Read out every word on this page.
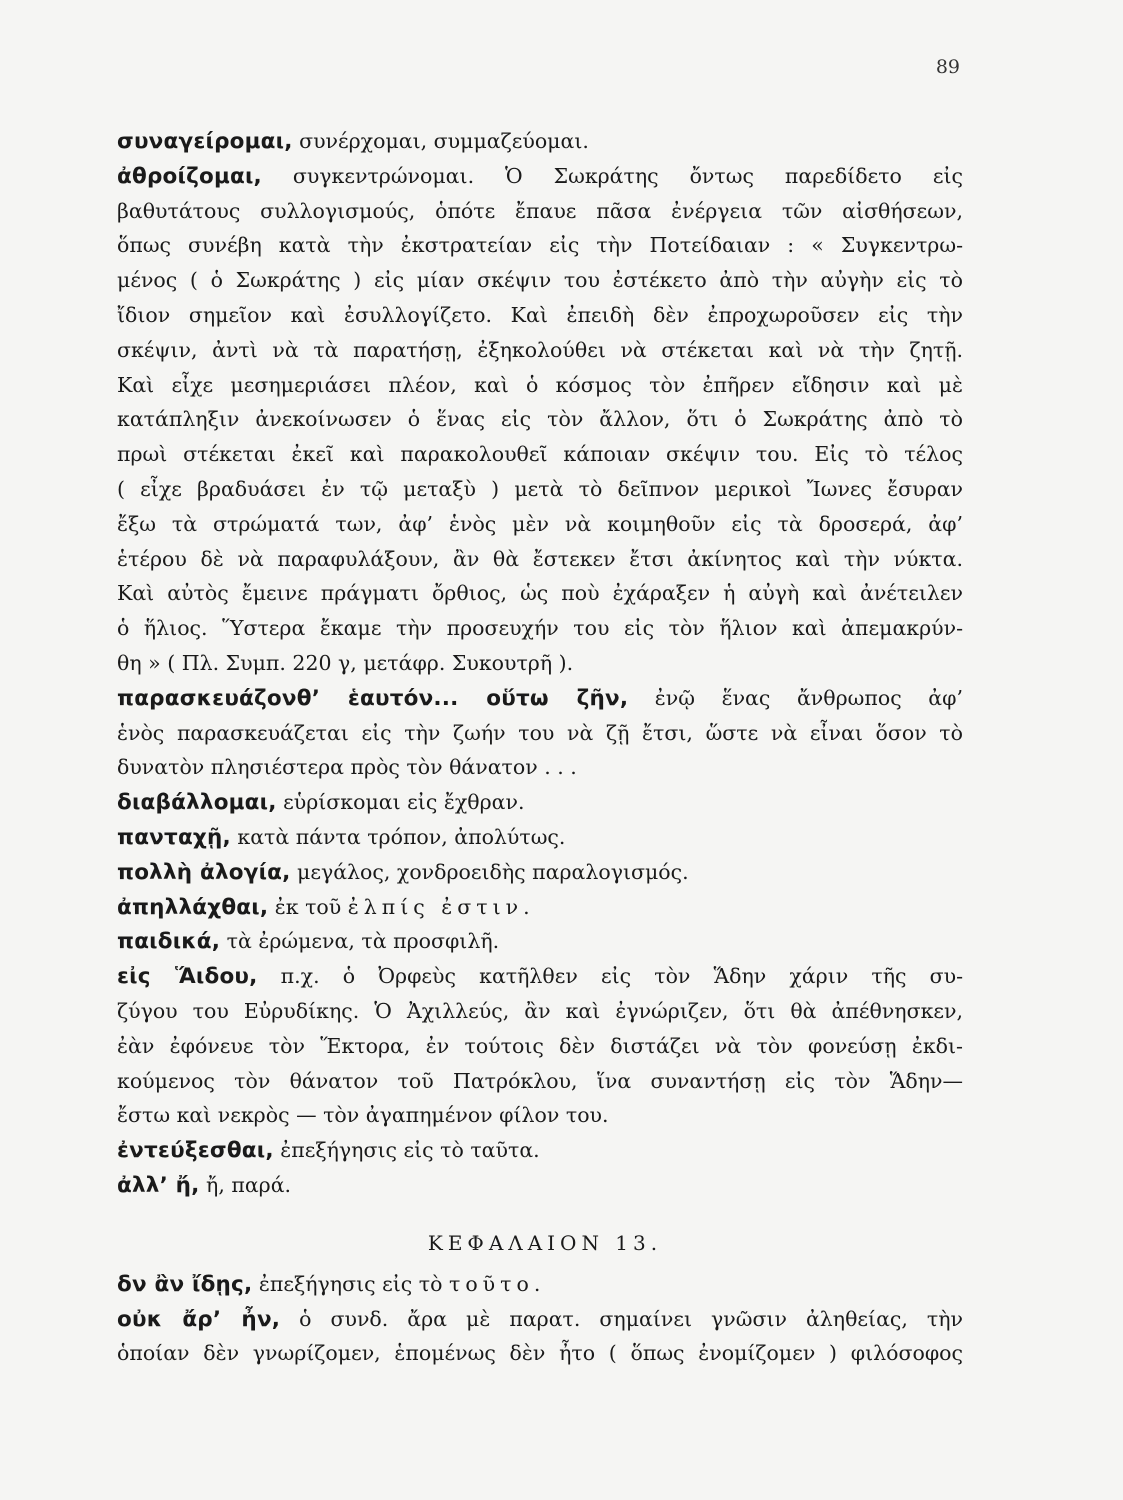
89
συναγείρομαι, συνέρχομαι, συμμαζεύομαι.
ἀθροίζομαι, συγκεντρώνομαι. Ὁ Σωκράτης ὄντως παρεδίδετο εἰς
βαθυτάτους συλλογισμούς, ὁπότε ἔπαυε πᾶσα ἐνέργεια τῶν αἰσθήσεων,
ὅπως συνέβη κατὰ τὴν ἐκστρατείαν εἰς τὴν Ποτείδαιαν : « Συγκεντρω-
μένος ( ὁ Σωκράτης ) εἰς μίαν σκέψιν του ἐστέκετο ἀπὸ τὴν αὐγὴν εἰς τὸ
ἴδιον σημεῖον καὶ ἐσυλλογίζετο. Καὶ ἐπειδὴ δὲν ἐπροχωροῦσεν εἰς τὴν
σκέψιν, ἀντὶ νὰ τὰ παρατήσῃ, ἐξηκολούθει νὰ στέκεται καὶ νὰ τὴν ζητῇ.
Καὶ εἶχε μεσημεριάσει πλέον, καὶ ὁ κόσμος τὸν ἐπῆρεν εἴδησιν καὶ μὲ
κατάπληξιν ἀνεκοίνωσεν ὁ ἕνας εἰς τὸν ἄλλον, ὅτι ὁ Σωκράτης ἀπὸ τὸ
πρωὶ στέκεται ἐκεῖ καὶ παρακολουθεῖ κάποιαν σκέψιν του. Εἰς τὸ τέλος
( εἶχε βραδυάσει ἐν τῷ μεταξὺ ) μετὰ τὸ δεῖπνον μερικοὶ Ἴωνες ἔσυραν
ἔξω τὰ στρώματά των, ἀφ’ ἑνὸς μὲν νὰ κοιμηθοῦν εἰς τὰ δροσερά, ἀφ’
ἑτέρου δὲ νὰ παραφυλάξουν, ἂν θὰ ἔστεκεν ἔτσι ἀκίνητος καὶ τὴν νύκτα.
Καὶ αὐτὸς ἔμεινε πράγματι ὄρθιος, ὡς ποὺ ἐχάραξεν ἡ αὐγὴ καὶ ἀνέτειλεν
ὁ ἥλιος. Ὕστερα ἔκαμε τὴν προσευχήν του εἰς τὸν ἥλιον καὶ ἀπεμακρύν-
θη » ( Πλ. Συμπ. 220 γ, μετάφρ. Συκουτρῆ ).
παρασκευάζονθ’ ἑαυτόν... οὕτω ζῆν, ἐνῷ ἕνας ἄνθρωπος ἀφ’
ἑνὸς παρασκευάζεται εἰς τὴν ζωήν του νὰ ζῇ ἔτσι, ὥστε νὰ εἶναι ὅσον τὸ
δυνατὸν πλησιέστερα πρὸς τὸν θάνατον . . .
διαβάλλομαι, εὑρίσκομαι εἰς ἔχθραν.
πανταχῇ, κατὰ πάντα τρόπον, ἀπολύτως.
πολλὴ ἀλογία, μεγάλος, χονδροειδὴς παραλογισμός.
ἀπηλλάχθαι, ἐκ τοῦ ἐλπίς ἐστιν.
παιδικά, τὰ ἐρώμενα, τὰ προσφιλῆ.
εἰς Ἅιδου, π.χ. ὁ Ὀρφεὺς κατῆλθεν εἰς τὸν Ἅδην χάριν τῆς συ-
ζύγου του Εὐρυδίκης. Ὁ Ἀχιλλεύς, ἂν καὶ ἐγνώριζεν, ὅτι θὰ ἀπέθνησκεν,
ἐὰν ἐφόνευε τὸν Ἕκτορα, ἐν τούτοις δὲν διστάζει νὰ τὸν φονεύσῃ ἐκδι-
κούμενος τὸν θάνατον τοῦ Πατρόκλου, ἵνα συναντήσῃ εἰς τὸν Ἅδην—
ἔστω καὶ νεκρὸς — τὸν ἀγαπημένον φίλον του.
ἐντεύξεσθαι, ἐπεξήγησις εἰς τὸ ταῦτα.
ἀλλ’ ἤ, ἤ, παρά.
ΚΕΦΑΛΑΙΟΝ 13.
δν ἂν ἴδῃς, ἐπεξήγησις εἰς τὸ τοῦτο.
οὐκ ἄρ’ ἦν, ὁ συνδ. ἄρα μὲ παρατ. σημαίνει γνῶσιν ἀληθείας, τὴν
ὁποίαν δὲν γνωρίζομεν, ἑπομένως δὲν ἦτο ( ὅπως ἐνομίζομεν ) φιλόσοφος
